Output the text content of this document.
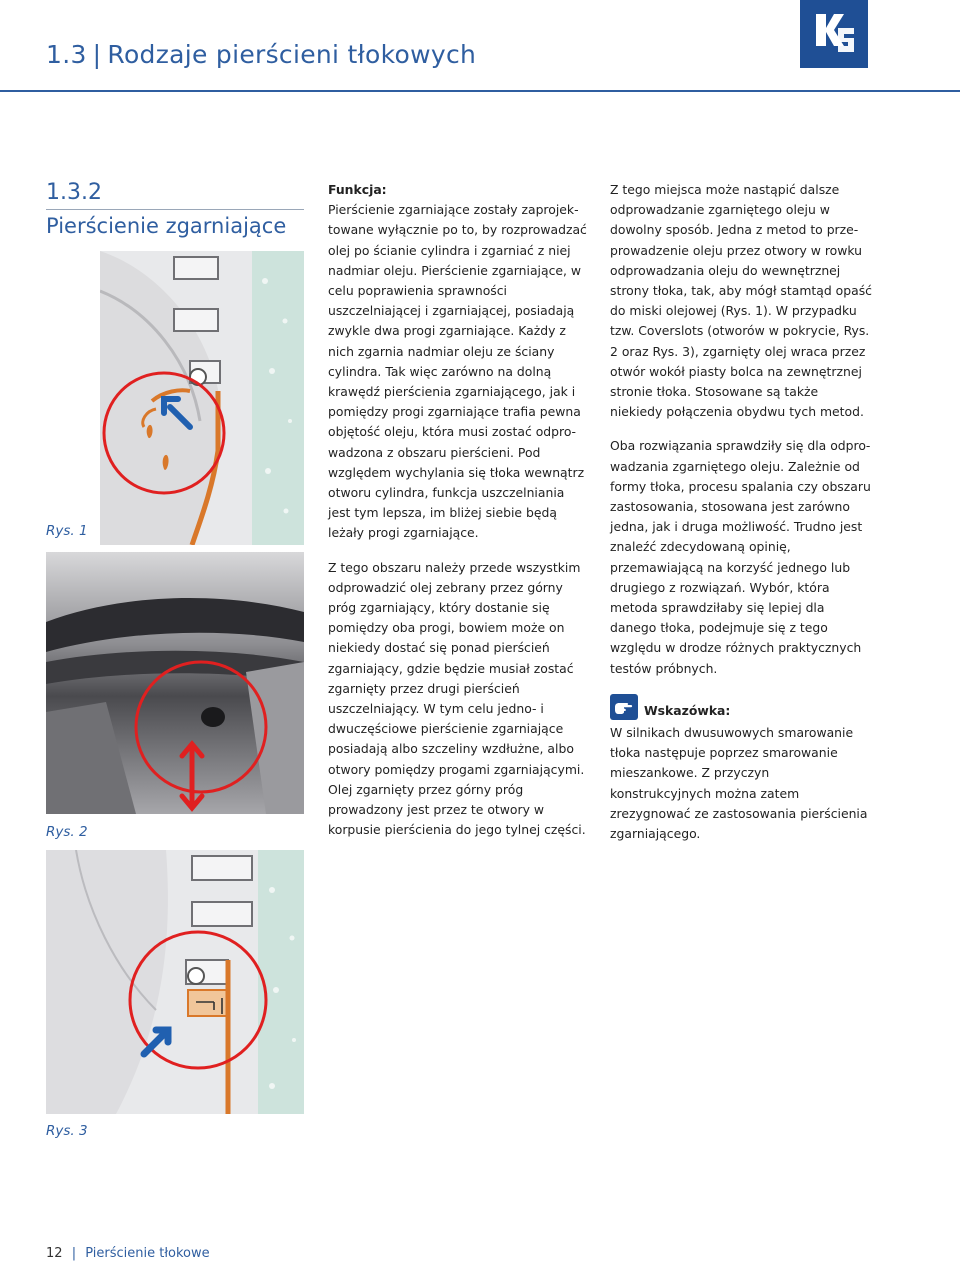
1.3 | Rodzaje pierścieni tłokowych
1.3.2
Pierścienie zgarniające
Rys. 1
Rys. 2
Rys. 3
Funkcja:

Pierścienie zgarniające zostały zaprojektowane wyłącznie po to, by rozprowadzać olej po ścianie cylindra i zgarniać z niej nadmiar oleju. Pierścienie zgarniające, w celu poprawienia sprawności uszczelniającej i zgarniającej, posiadają zwykle dwa progi zgarniające. Każdy z nich zgarnia nadmiar oleju ze ściany cylindra. Tak więc zarówno na dolną krawędź pierścienia zgarniającego, jak i pomiędzy progi zgarniające trafia pewna objętość oleju, która musi zostać odprowadzona z obszaru pierścieni. Pod względem wychylania się tłoka wewnątrz otworu cylindra, funkcja uszczelniania jest tym lepsza, im bliżej siebie będą leżały progi zgarniające.

Z tego obszaru należy przede wszystkim odprowadzić olej zebrany przez górny próg zgarniający, który dostanie się pomiędzy oba progi, bowiem może on niekiedy dostać się ponad pierścień zgarniający, gdzie będzie musiał zostać zgarnięty przez drugi pierścień uszczelniający. W tym celu jedno- i dwuczęściowe pierścienie zgarniające posiadają albo szczeliny wzdłużne, albo otwory pomiędzy progami zgarniającymi. Olej zgarnięty przez górny próg prowadzony jest przez te otwory w korpusie pierścienia do jego tylnej części.

Z tego miejsca może nastąpić dalsze odprowadzanie zgarniętego oleju w dowolny sposób. Jedna z metod to przeprowadzenie oleju przez otwory w rowku odprowadzania oleju do wewnętrznej strony tłoka, tak, aby mógł stamtąd opaść do miski olejowej (Rys. 1). W przypadku tzw. Coverslots (otworów w pokrycie, Rys. 2 oraz Rys. 3), zgarnięty olej wraca przez otwór wokół piasty bolca na zewnętrznej stronie tłoka. Stosowane są także niekiedy połączenia obydwu tych metod.

Oba rozwiązania sprawdziły się dla odprowadzania zgarniętego oleju. Zależnie od formy tłoka, procesu spalania czy obszaru zastosowania, stosowana jest zarówno jedna, jak i druga możliwość. Trudno jest znaleźć zdecydowaną opinię, przemawiającą na korzyść jednego lub drugiego z rozwiązań. Wybór, która metoda sprawdziłaby się lepiej dla danego tłoka, podejmuje się z tego względu w drodze różnych praktycznych testów próbnych.

Wskazówka:

W silnikach dwusuwowych smarowanie tłoka następuje poprzez smarowanie mieszankowe. Z przyczyn konstrukcyjnych można zatem zrezygnować ze zastosowania pierścienia zgarniającego.

12 | Pierścienie tłokowe
